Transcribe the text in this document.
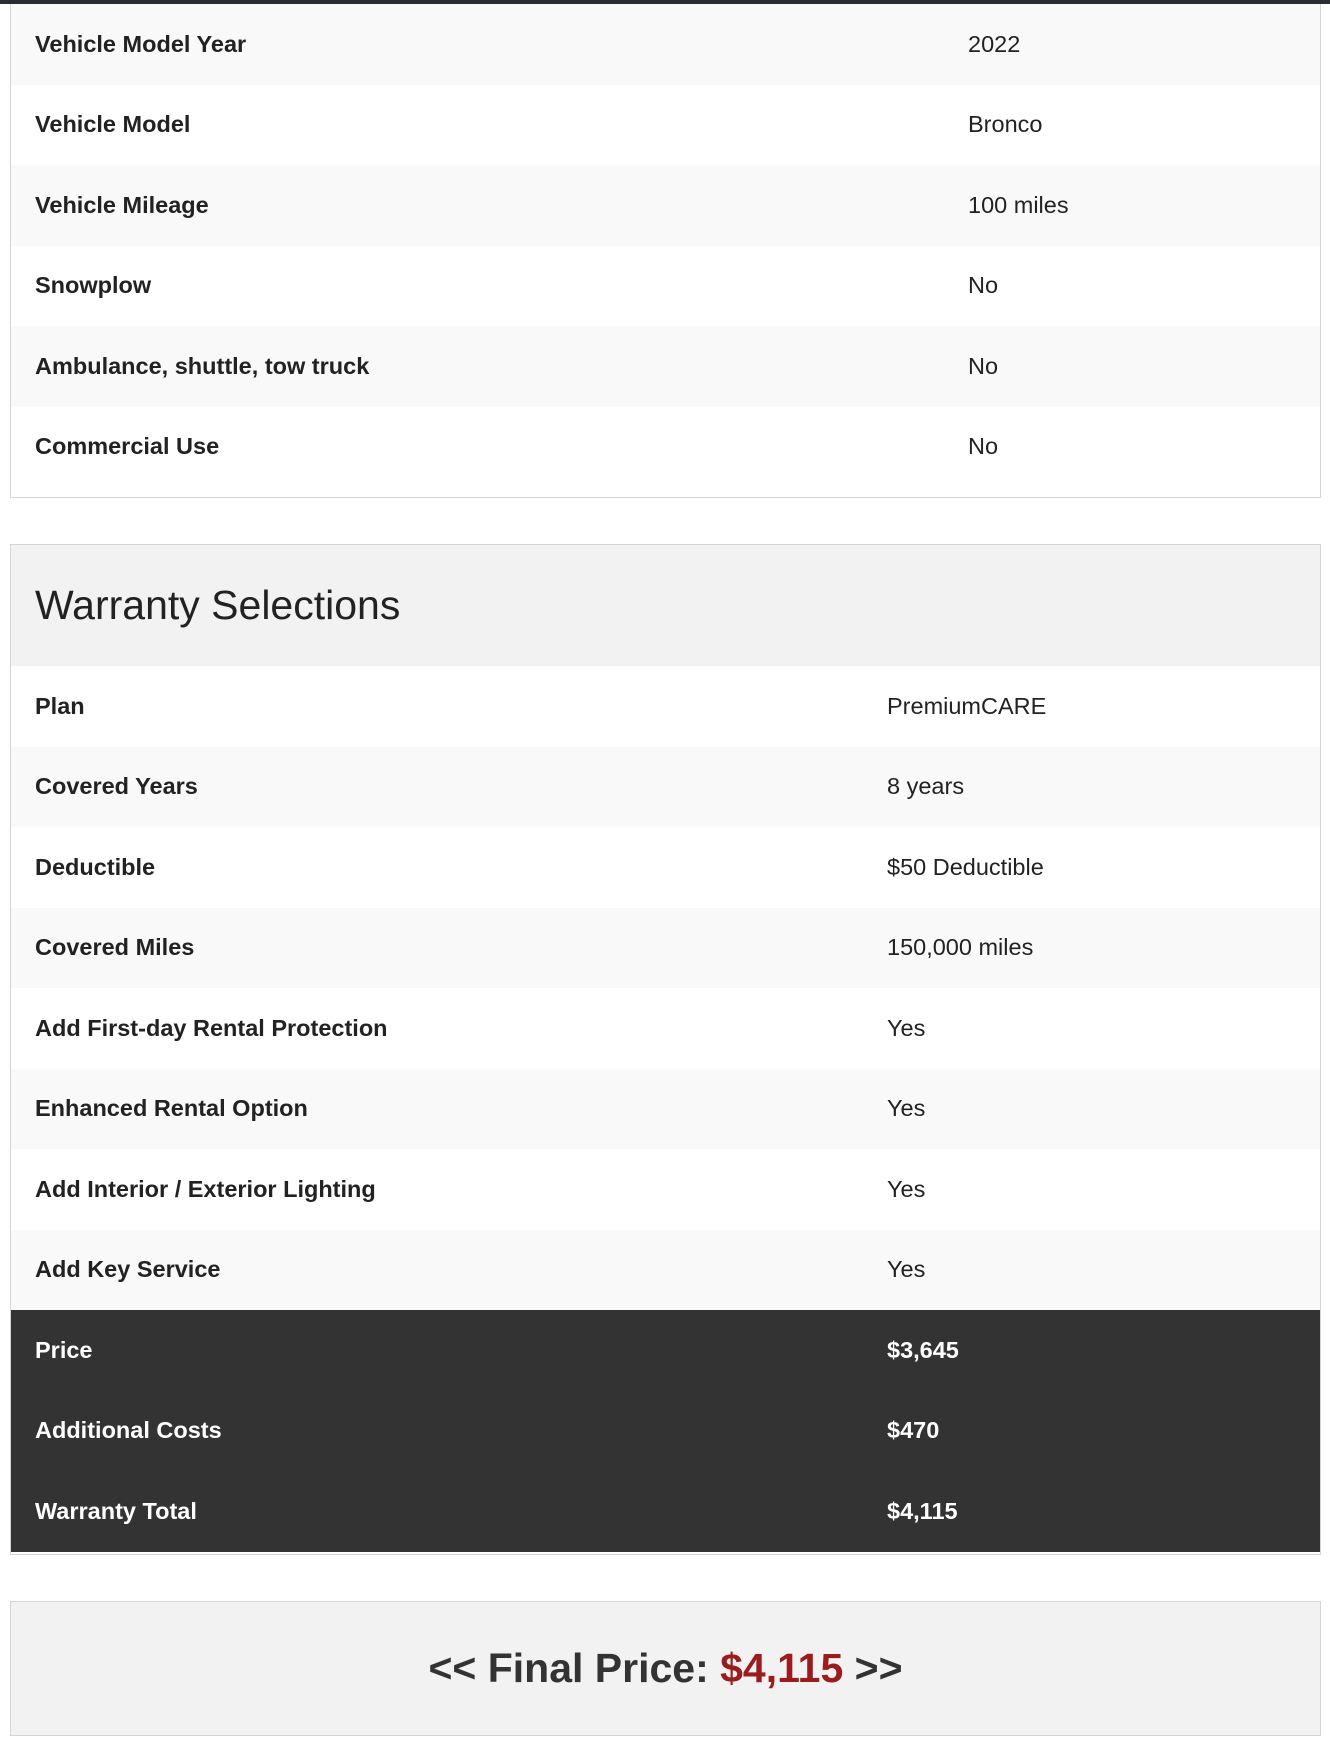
Vehicle Model Year	2022
Vehicle Model	Bronco
Vehicle Mileage	100 miles
Snowplow	No
Ambulance, shuttle, tow truck	No
Commercial Use	No
Warranty Selections
Plan	PremiumCARE
Covered Years	8 years
Deductible	$50 Deductible
Covered Miles	150,000 miles
Add First-day Rental Protection	Yes
Enhanced Rental Option	Yes
Add Interior / Exterior Lighting	Yes
Add Key Service	Yes
Price	$3,645
Additional Costs	$470
Warranty Total	$4,115
<< Final Price: $4,115 >>
